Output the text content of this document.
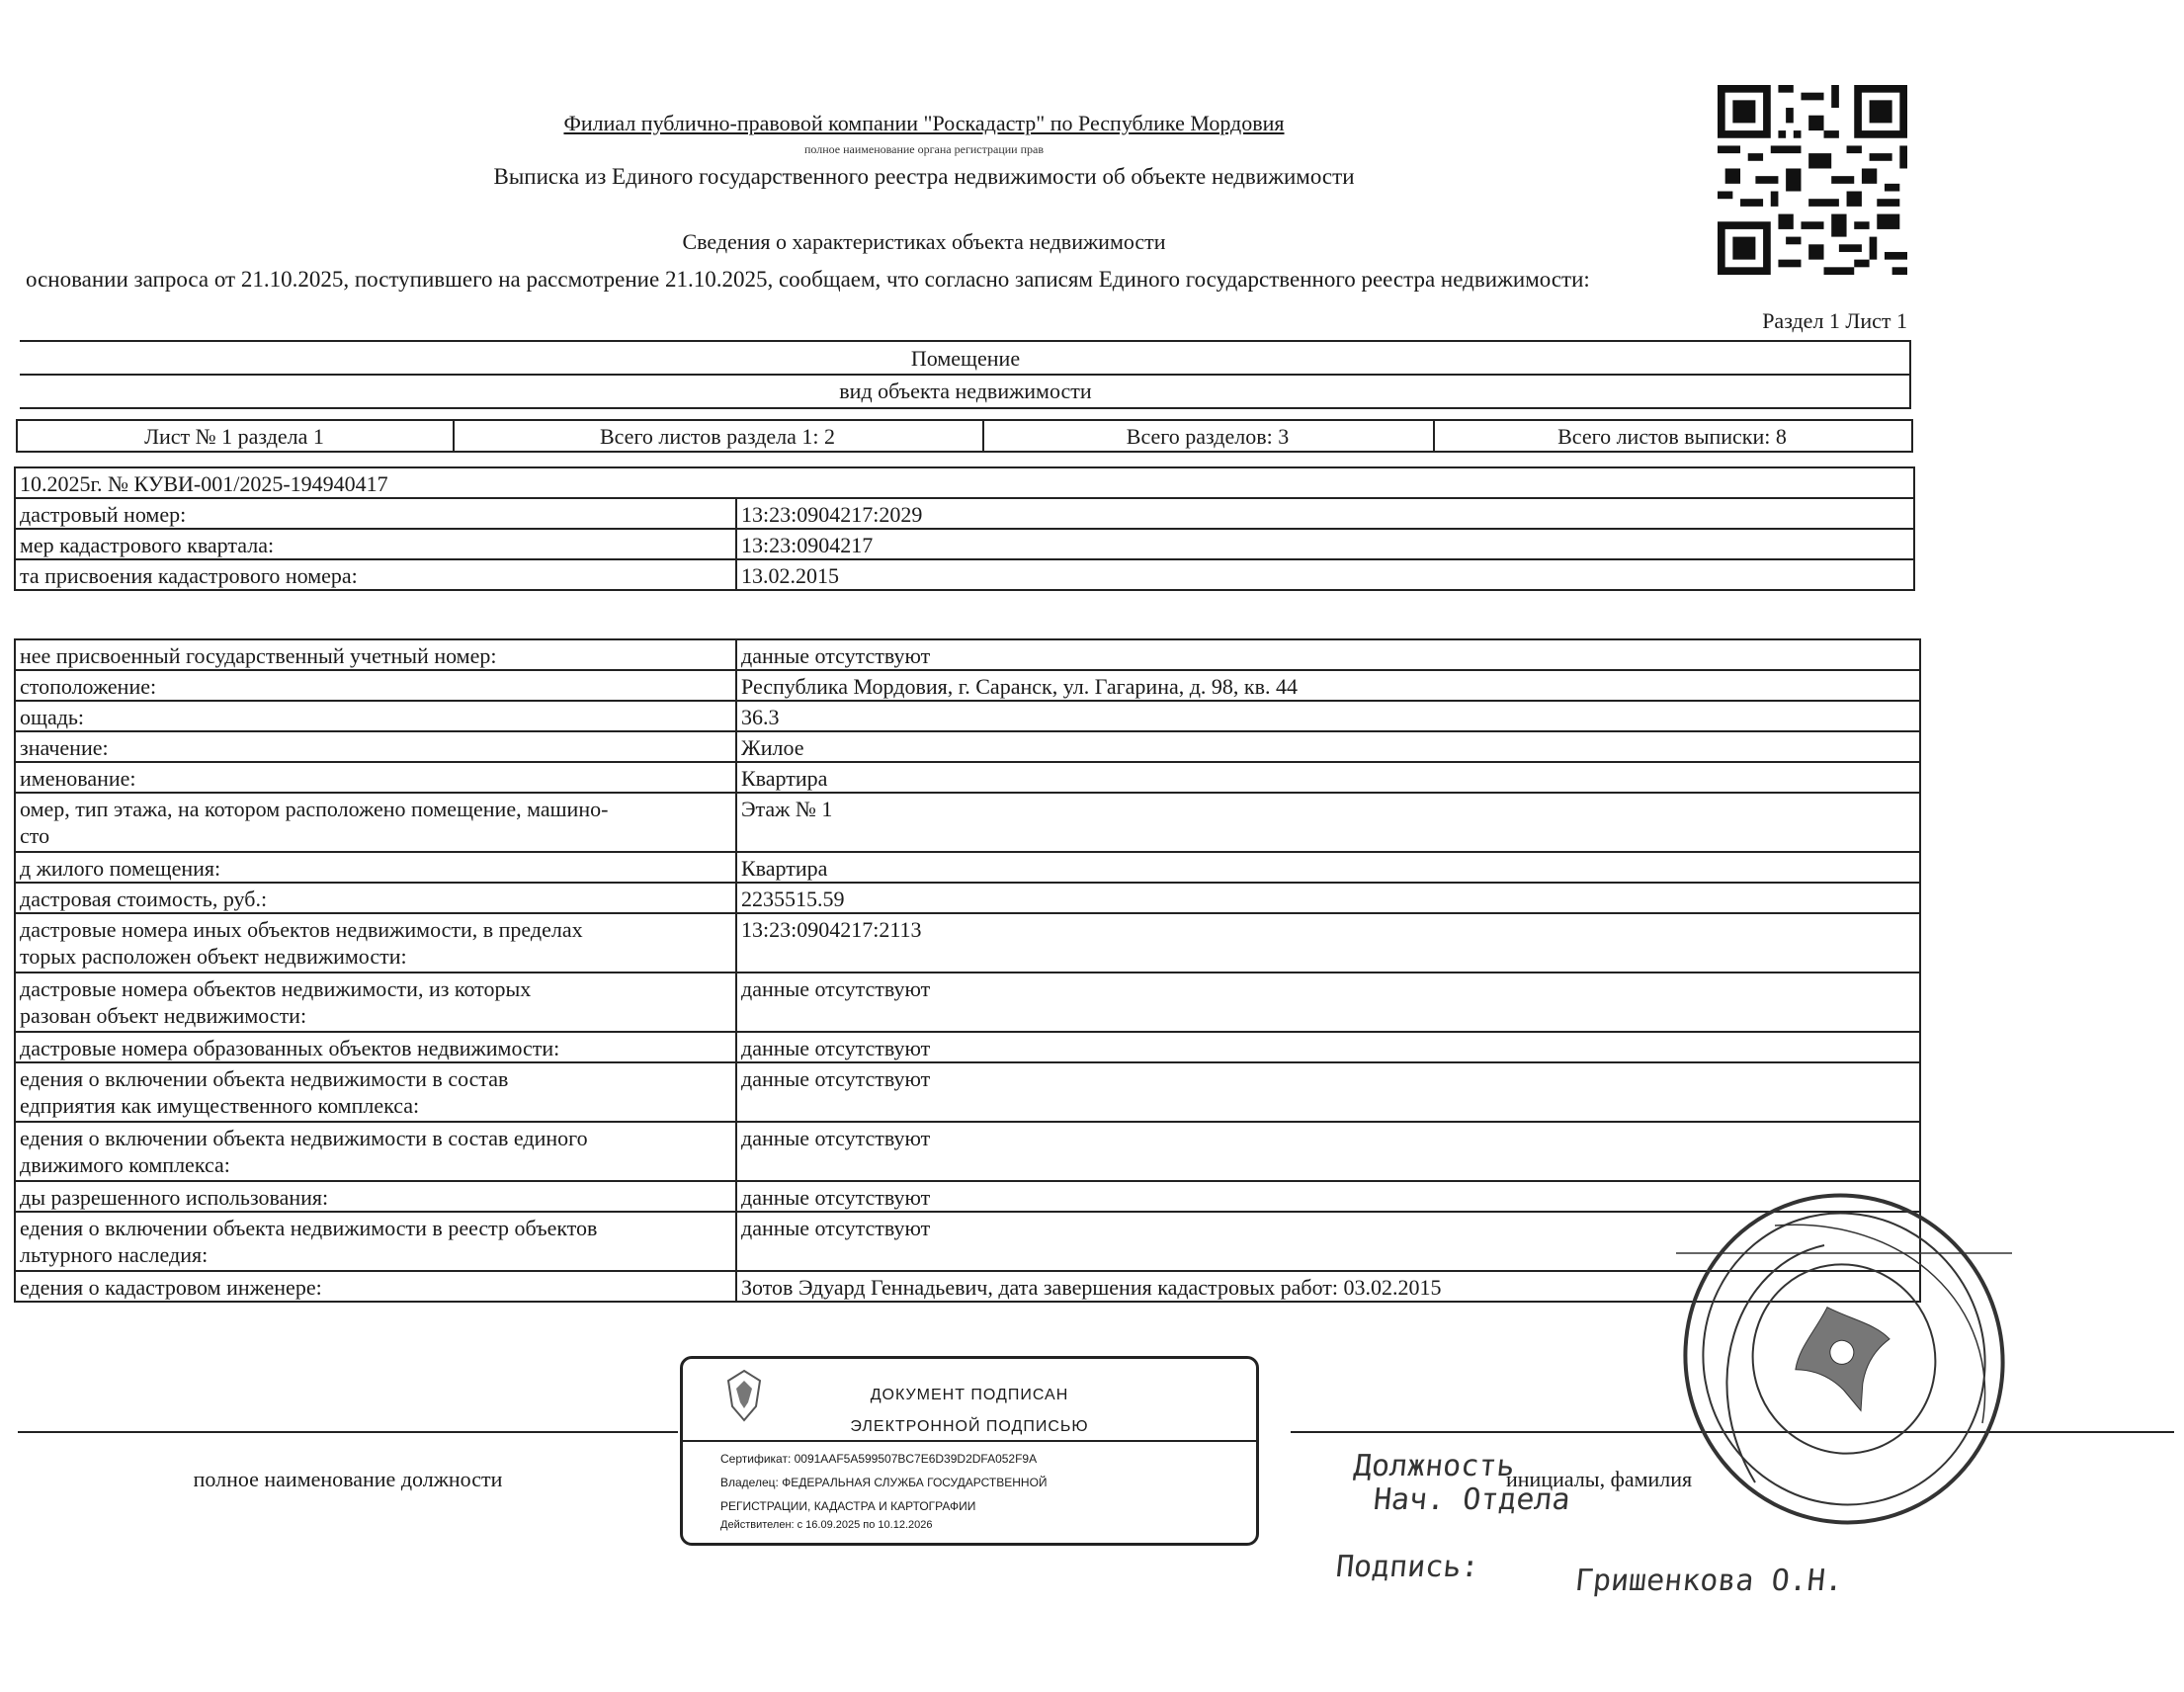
Филиал публично-правовой компании "Роскадастр" по Республике Мордовия
полное наименование органа регистрации прав
Выписка из Единого государственного реестра недвижимости об объекте недвижимости
Сведения о характеристиках объекта недвижимости
основании запроса от 21.10.2025, поступившего на рассмотрение 21.10.2025, сообщаем, что согласно записям Единого государственного реестра недвижимости:
Раздел 1 Лист 1
Помещение
вид объекта недвижимости
Лист № 1 раздела 1	Всего листов раздела 1: 2	Всего разделов: 3	Всего листов выписки: 8
10.2025г. № КУВИ-001/2025-194940417	
дастровый номер:	13:23:0904217:2029
мер кадастрового квартала:	13:23:0904217
та присвоения кадастрового номера:	13.02.2015
нее присвоенный государственный учетный номер:	данные отсутствуют
стоположение:	Республика Мордовия, г. Саранск, ул. Гагарина, д. 98, кв. 44
ощадь:	36.3
значение:	Жилое
именование:	Квартира
омер, тип этажа, на котором расположено помещение, машино-
сто	Этаж № 1
д жилого помещения:	Квартира
дастровая стоимость, руб.:	2235515.59
дастровые номера иных объектов недвижимости, в пределах
торых расположен объект недвижимости:	13:23:0904217:2113
дастровые номера объектов недвижимости, из которых
разован объект недвижимости:	данные отсутствуют
дастровые номера образованных объектов недвижимости:	данные отсутствуют
едения о включении объекта недвижимости в состав
едприятия как имущественного комплекса:	данные отсутствуют
едения о включении объекта недвижимости в состав единого
движимого комплекса:	данные отсутствуют
ды разрешенного использования:	данные отсутствуют
едения о включении объекта недвижимости в реестр объектов
льтурного наследия:	данные отсутствуют
едения о кадастровом инженере:	Зотов Эдуард Геннадьевич, дата завершения кадастровых работ: 03.02.2015
полное наименование должности	инициалы, фамилия
ДОКУМЕНТ ПОДПИСАН
ЭЛЕКТРОННОЙ ПОДПИСЬЮ
Сертификат: 0091AAF5A599507BC7E6D39D2DFA052F9A
Владелец: ФЕДЕРАЛЬНАЯ СЛУЖБА ГОСУДАРСТВЕННОЙ
РЕГИСТРАЦИИ, КАДАСТРА И КАРТОГРАФИИ
Действителен: с 16.09.2025 по 10.12.2026
Должность
Нач. Отдела
Подпись:	Гришенкова О.Н.
